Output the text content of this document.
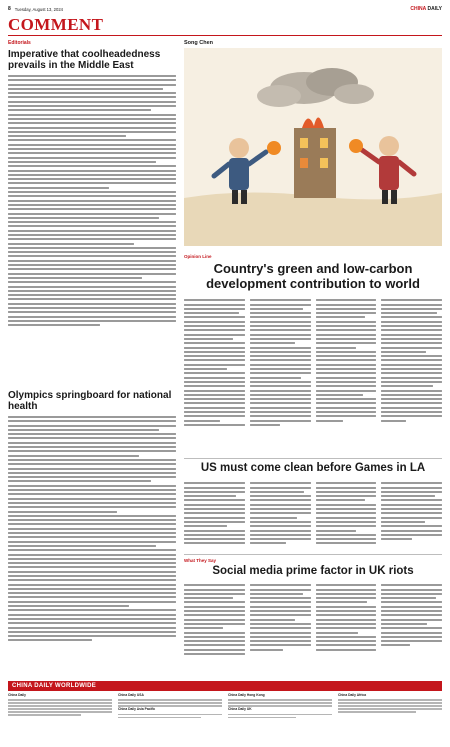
8 Tuesday, August 13, 2024	CHINA DAILY
COMMENT
Editorials
Imperative that coolheadedness prevails in the Middle East
Olympics springboard for national health
Song Chen
Opinion Line
Country's green and low-carbon development contribution to world
US must come clean before Games in LA
What They Say
Social media prime factor in UK riots
CHINA DAILY WORLDWIDE
China Daily	China Daily USA
China Daily Asia Pacific
China Daily Hong Kong
China Daily UK
China Daily Africa
